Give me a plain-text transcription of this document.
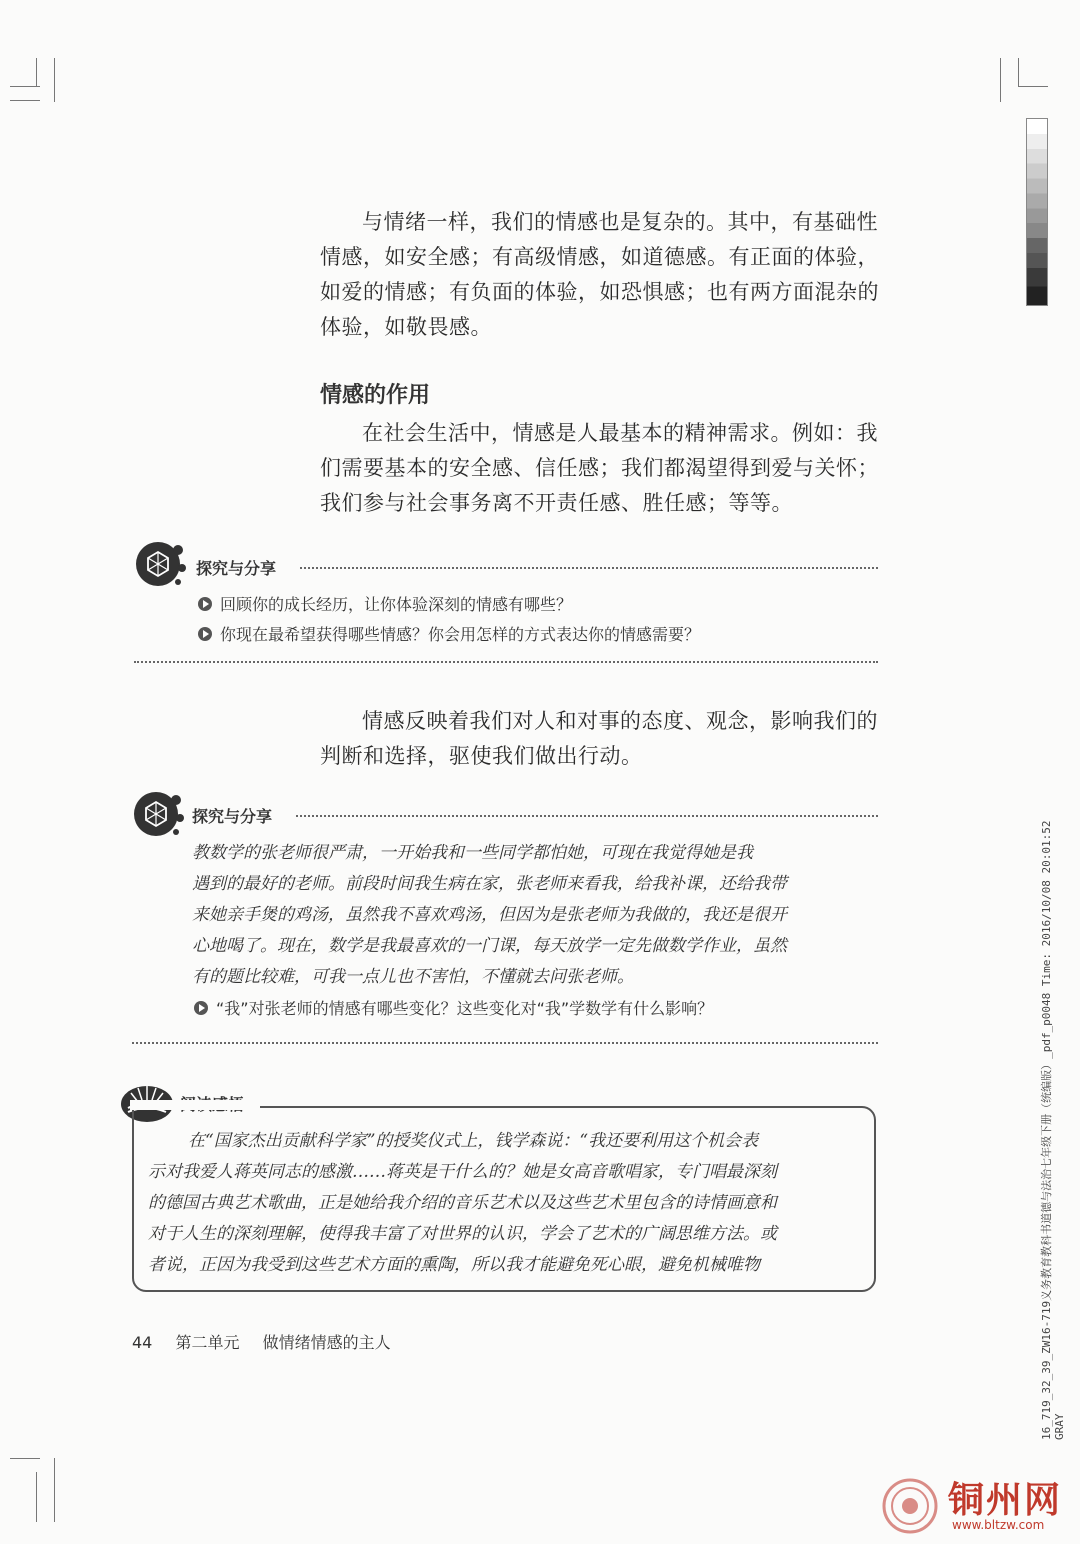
与情绪一样，我们的情感也是复杂的。其中，有基础性

情感，如安全感；有高级情感，如道德感。有正面的体验，

如爱的情感；有负面的体验，如恐惧感；也有两方面混杂的

体验，如敬畏感。

情感的作用

在社会生活中，情感是人最基本的精神需求。例如：我

们需要基本的安全感、信任感；我们都渴望得到爱与关怀；

我们参与社会事务离不开责任感、胜任感；等等。

探究与分享
回顾你的成长经历，让你体验深刻的情感有哪些？
你现在最希望获得哪些情感？你会用怎样的方式表达你的情感需要？

情感反映着我们对人和对事的态度、观念，影响我们的

判断和选择，驱使我们做出行动。

探究与分享

教数学的张老师很严肃，一开始我和一些同学都怕她，可现在我觉得她是我

遇到的最好的老师。前段时间我生病在家，张老师来看我，给我补课，还给我带

来她亲手煲的鸡汤，虽然我不喜欢鸡汤，但因为是张老师为我做的，我还是很开

心地喝了。现在，数学是我最喜欢的一门课，每天放学一定先做数学作业，虽然

有的题比较难，可我一点儿也不害怕，不懂就去问张老师。

“我”对张老师的情感有哪些变化？这些变化对“我”学数学有什么影响？

在“国家杰出贡献科学家”的授奖仪式上，钱学森说：“我还要利用这个机会表

示对我爱人蒋英同志的感激……蒋英是干什么的？她是女高音歌唱家，专门唱最深刻

的德国古典艺术歌曲，正是她给我介绍的音乐艺术以及这些艺术里包含的诗情画意和

对于人生的深刻理解，使得我丰富了对世界的认识，学会了艺术的广阔思维方法。或

者说，正因为我受到这些艺术方面的熏陶，所以我才能避免死心眼，避免机械唯物

44 第二单元 做情绪情感的主人	16_719_32_39_ZW16-719义务教育教科书道德与法治七年级下册（统编版）_pdf_p0048 Time: 2016/10/08 20:01:52 GRAY
铜州网
www.bltzw.com
